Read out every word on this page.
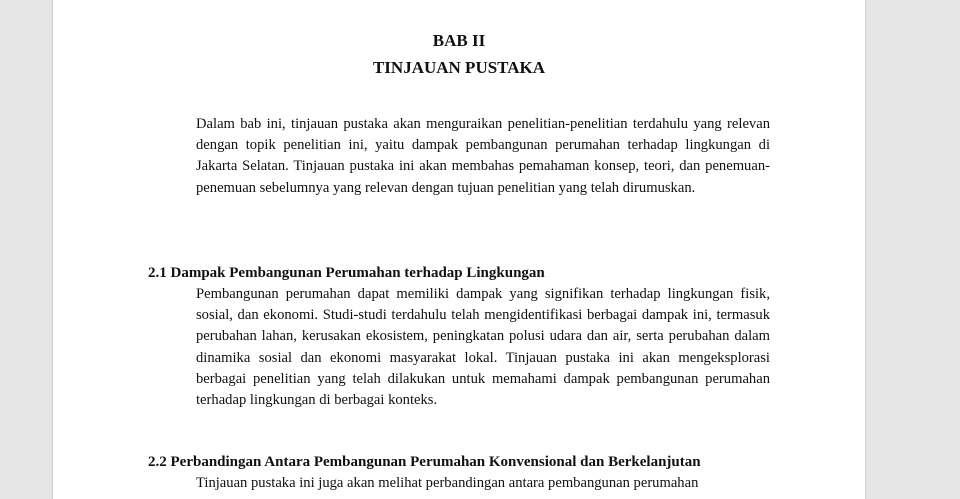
BAB II

TINJAUAN PUSTAKA

Dalam bab ini, tinjauan pustaka akan menguraikan penelitian-penelitian terdahulu yang relevan dengan topik penelitian ini, yaitu dampak pembangunan perumahan terhadap lingkungan di Jakarta Selatan. Tinjauan pustaka ini akan membahas pemahaman konsep, teori, dan penemuan-penemuan sebelumnya yang relevan dengan tujuan penelitian yang telah dirumuskan.

2.1 Dampak Pembangunan Perumahan terhadap Lingkungan

Pembangunan perumahan dapat memiliki dampak yang signifikan terhadap lingkungan fisik, sosial, dan ekonomi. Studi-studi terdahulu telah mengidentifikasi berbagai dampak ini, termasuk perubahan lahan, kerusakan ekosistem, peningkatan polusi udara dan air, serta perubahan dalam dinamika sosial dan ekonomi masyarakat lokal. Tinjauan pustaka ini akan mengeksplorasi berbagai penelitian yang telah dilakukan untuk memahami dampak pembangunan perumahan terhadap lingkungan di berbagai konteks.

2.2 Perbandingan Antara Pembangunan Perumahan Konvensional dan Berkelanjutan

Tinjauan pustaka ini juga akan melihat perbandingan antara pembangunan perumahan
